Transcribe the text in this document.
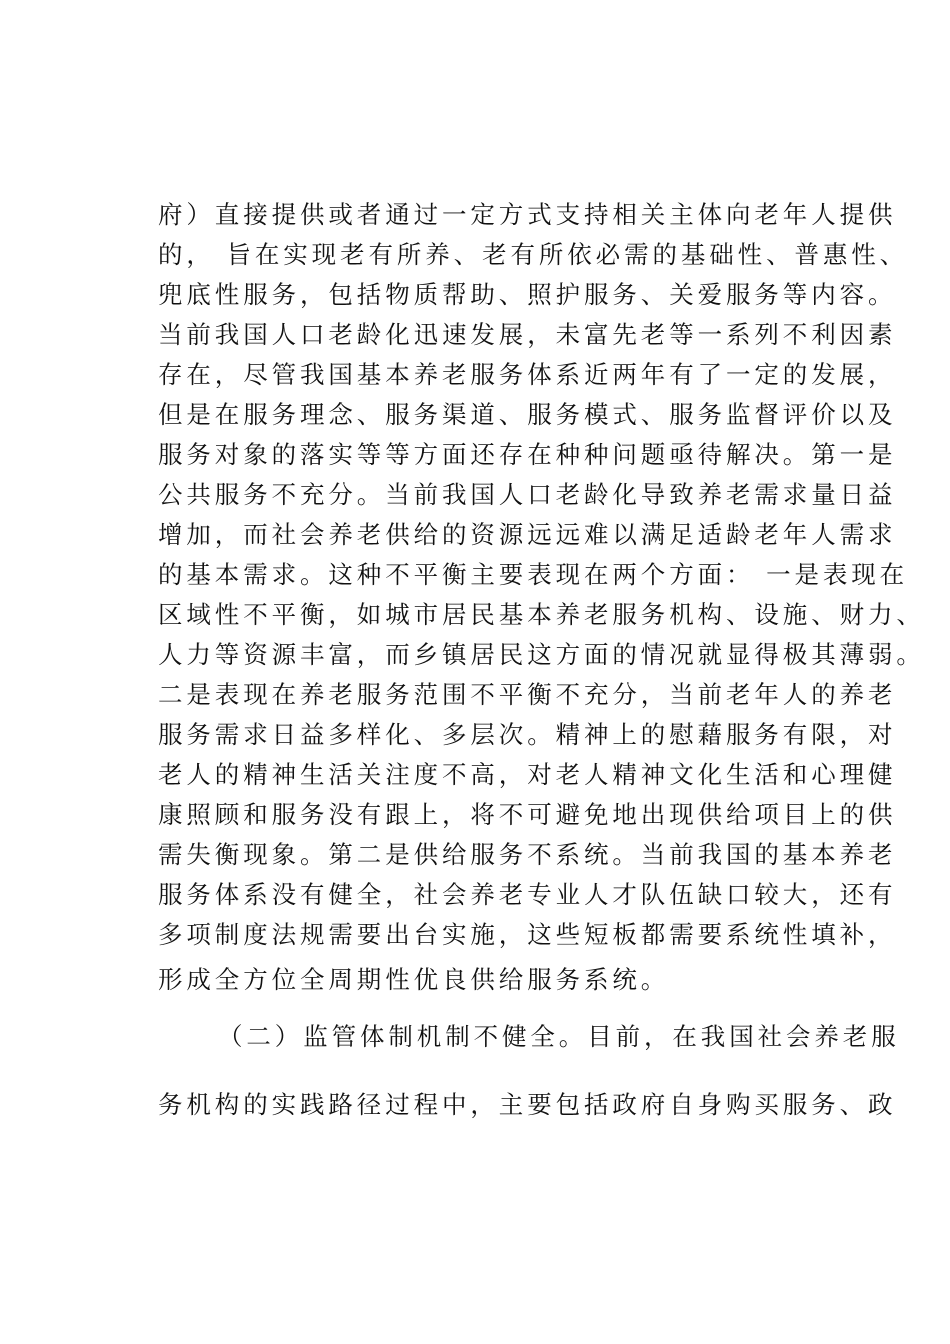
府）直接提供或者通过一定方式支持相关主体向老年人提供
的， 旨在实现老有所养、老有所依必需的基础性、普惠性、
兜底性服务，包括物质帮助、照护服务、关爱服务等内容。
当前我国人口老龄化迅速发展，未富先老等一系列不利因素
存在，尽管我国基本养老服务体系近两年有了一定的发展，
但是在服务理念、服务渠道、服务模式、服务监督评价以及
服务对象的落实等等方面还存在种种问题亟待解决。第一是
公共服务不充分。当前我国人口老龄化导致养老需求量日益
增加，而社会养老供给的资源远远难以满足适龄老年人需求
的基本需求。这种不平衡主要表现在两个方面： 一是表现在
区域性不平衡，如城市居民基本养老服务机构、设施、财力、
人力等资源丰富，而乡镇居民这方面的情况就显得极其薄弱。
二是表现在养老服务范围不平衡不充分，当前老年人的养老
服务需求日益多样化、多层次。精神上的慰藉服务有限，对
老人的精神生活关注度不高，对老人精神文化生活和心理健
康照顾和服务没有跟上，将不可避免地出现供给项目上的供
需失衡现象。第二是供给服务不系统。当前我国的基本养老
服务体系没有健全，社会养老专业人才队伍缺口较大，还有
多项制度法规需要出台实施，这些短板都需要系统性填补，
形成全方位全周期性优良供给服务系统。
（二）监管体制机制不健全。目前，在我国社会养老服
务机构的实践路径过程中，主要包括政府自身购买服务、政
